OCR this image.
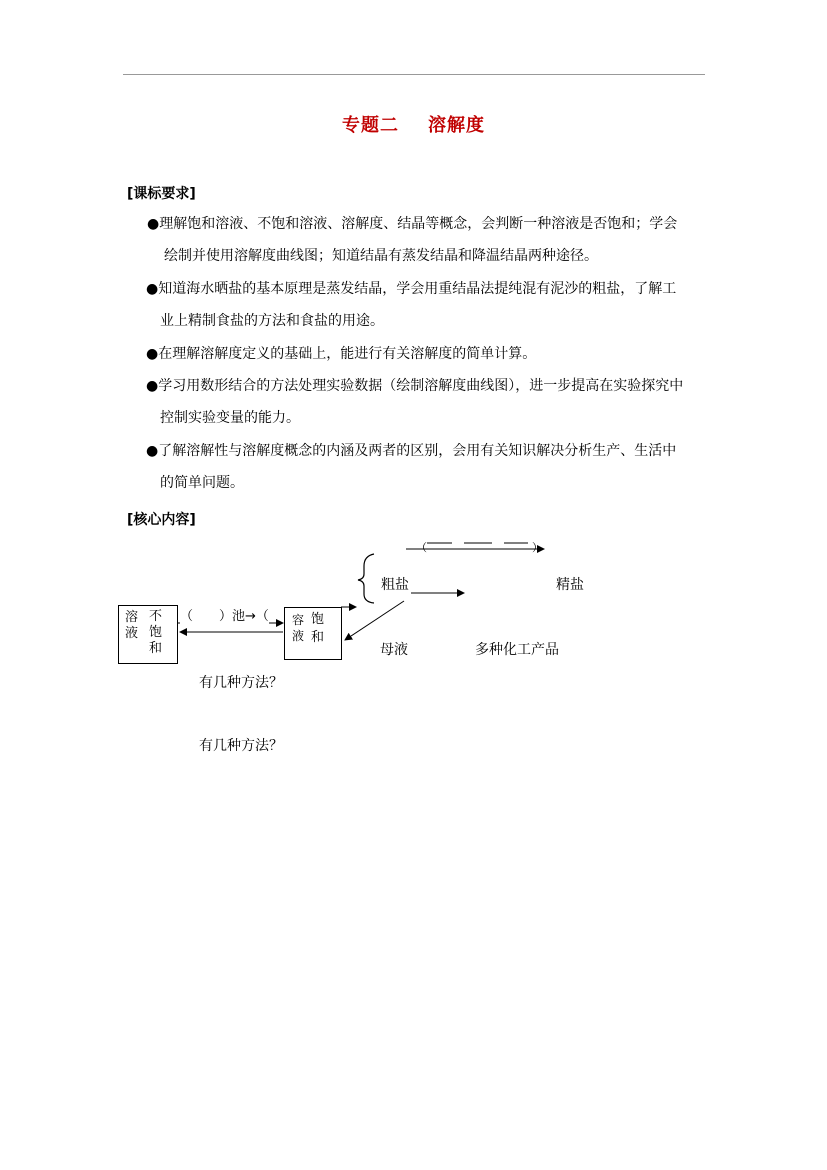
专题二 溶解度
[课标要求]
●理解饱和溶液、不饱和溶液、溶解度、结晶等概念，会判断一种溶液是否饱和；学会
绘制并使用溶解度曲线图；知道结晶有蒸发结晶和降温结晶两种途径。
●知道海水晒盐的基本原理是蒸发结晶，学会用重结晶法提纯混有泥沙的粗盐，了解工
业上精制食盐的方法和食盐的用途。
●在理解溶解度定义的基础上，能进行有关溶解度的简单计算。
●学习用数形结合的方法处理实验数据（绘制溶解度曲线图），进一步提高在实验探究中
控制实验变量的能力。
●了解溶解性与溶解度概念的内涵及两者的区别，会用有关知识解决分析生产、生活中
的简单问题。
[核心内容]
溶
液
不
饱
和
容
液
饱
和
（　　）池→（
（	）
粗盐	精盐
母液	多种化工产品
有几种方法？
有几种方法？
